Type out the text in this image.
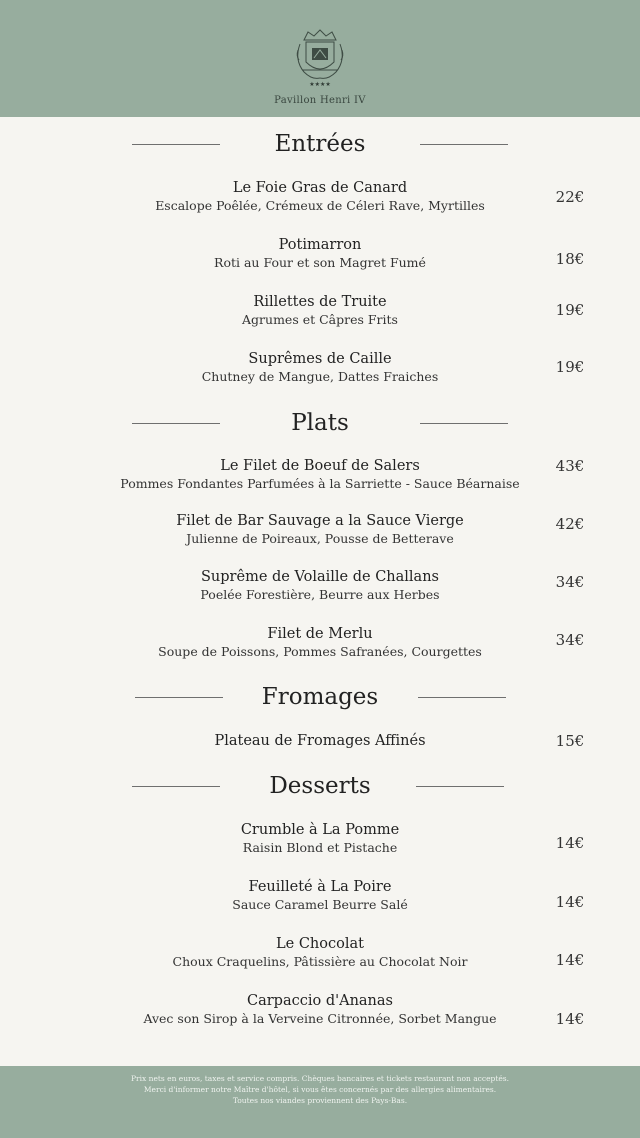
★★★★
Pavillon Henri IV
Entrées
Le Foie Gras de Canard
Escalope Poêlée, Crémeux de Céleri Rave, Myrtilles	22€
Potimarron
Roti au Four et son Magret Fumé	18€
Rillettes de Truite
Agrumes et Câpres Frits
19€
Suprêmes de Caille
Chutney de Mangue, Dattes Fraiches
19€
Plats
Le Filet de Boeuf de Salers
Pommes Fondantes Parfumées à la Sarriette - Sauce Béarnaise
43€
Filet de Bar Sauvage a la Sauce Vierge
Julienne de Poireaux, Pousse de Betterave
42€
Suprême de Volaille de Challans
Poelée Forestière, Beurre aux Herbes
34€
Filet de Merlu
Soupe de Poissons, Pommes Safranées, Courgettes
34€
Fromages
Plateau de Fromages Affinés	15€
Desserts
Crumble à La Pomme
Raisin Blond et Pistache	14€
Feuilleté à La Poire
Sauce Caramel Beurre Salé	14€
Le Chocolat
Choux Craquelins, Pâtissière au Chocolat Noir	14€
Carpaccio d'Ananas
Avec son Sirop à la Verveine Citronnée, Sorbet Mangue	14€
Prix nets en euros, taxes et service compris. Chèques bancaires et tickets restaurant non acceptés.
Merci d'informer notre Maître d'hôtel, si vous êtes concernés par des allergies alimentaires.
Toutes nos viandes proviennent des Pays-Bas.
